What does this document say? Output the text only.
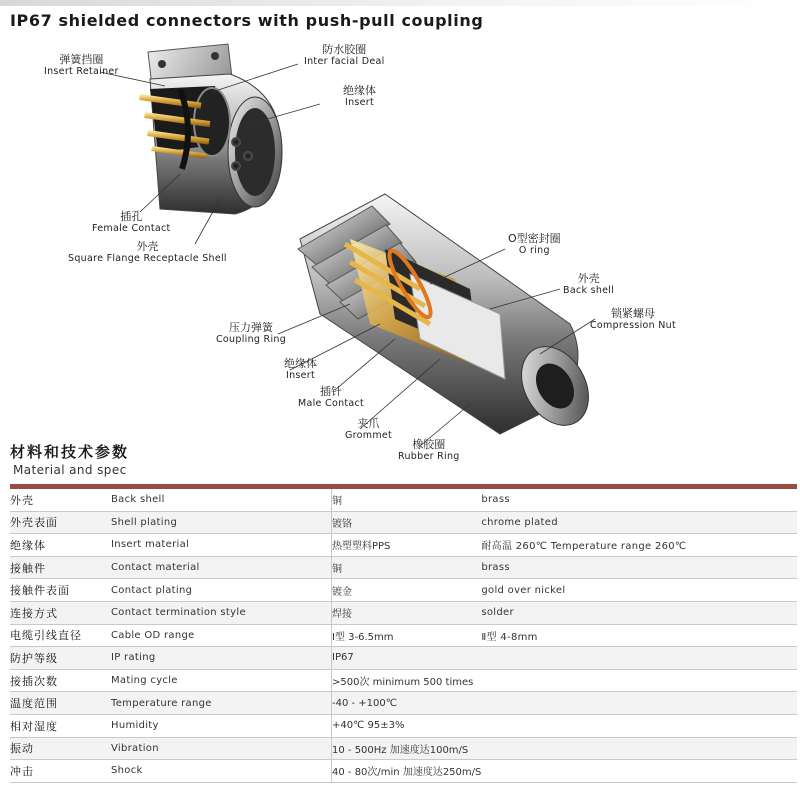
IP67 shielded connectors with push-pull coupling
弹簧挡圈
Insert Retainer
防水胶圈
Inter facial Deal
绝缘体
Insert
插孔
Female Contact
外壳
Square Flange Receptacle Shell
O型密封圈
O ring
外壳
Back shell
锁紧螺母
Compression Nut
压力弹簧
Coupling Ring
绝缘体
Insert
插针
Male Contact
夹爪
Grommet
橡胶圈
Rubber Ring
材料和技术参数
Material and spec

外壳	Back shell	铜	brass
外壳表面	Shell plating	镀铬	chrome plated
绝缘体	Insert material	热塑塑料PPS	耐高温 260℃ Temperature range 260℃
接触件	Contact material	铜	brass
接触件表面	Contact plating	镀金	gold over nickel
连接方式	Contact termination style	焊接	solder
电缆引线直径	Cable OD range	Ⅰ型 3-6.5mm	Ⅱ型 4-8mm
防护等级	IP rating	IP67	
接插次数	Mating cycle	>500次 minimum 500 times	
温度范围	Temperature range	-40 - +100℃	
相对湿度	Humidity	+40℃ 95±3%	
振动	Vibration	10 - 500Hz 加速度达100m/S	
冲击	Shock	40 - 80次/min 加速度达250m/S	
